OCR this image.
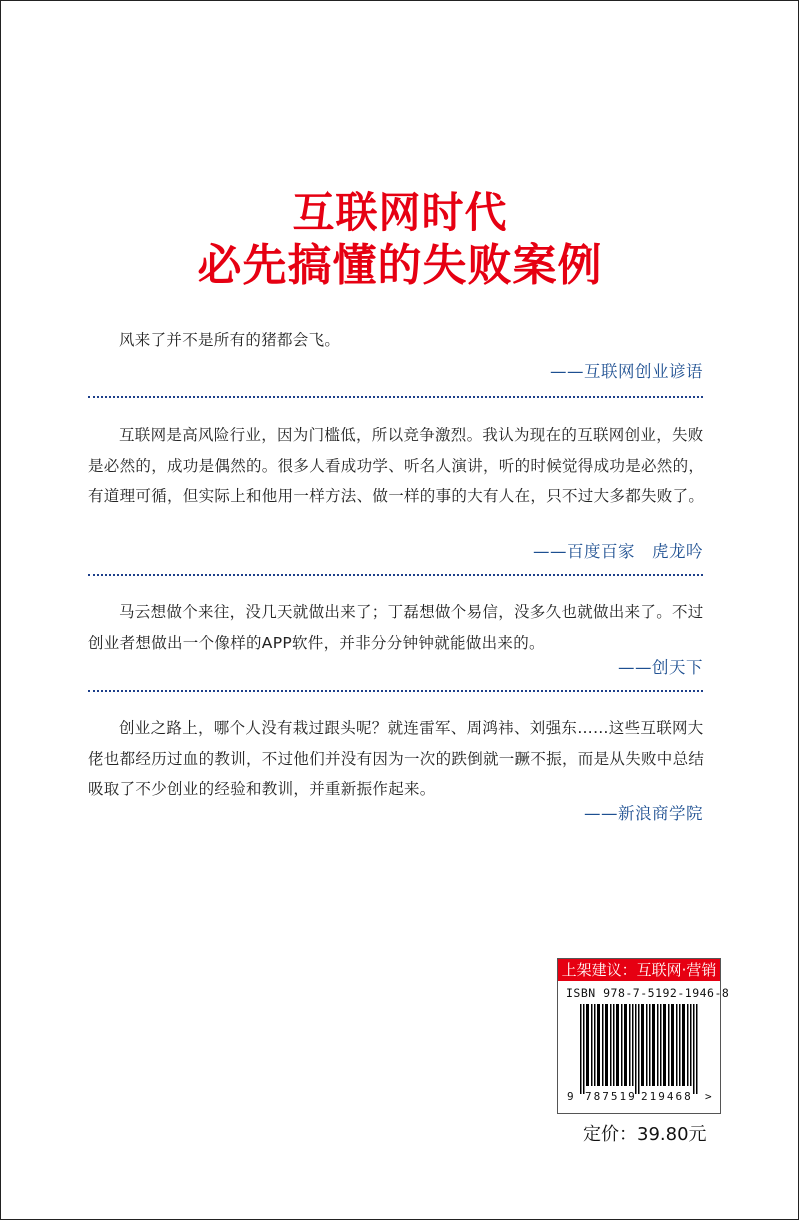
互联网时代
必先搞懂的失败案例
风来了并不是所有的猪都会飞。
——互联网创业谚语
互联网是高风险行业，因为门槛低，所以竞争激烈。我认为现在的互联网创业，失败是必然的，成功是偶然的。很多人看成功学、听名人演讲，听的时候觉得成功是必然的，有道理可循，但实际上和他用一样方法、做一样的事的大有人在，只不过大多都失败了。
——百度百家　虎龙吟
马云想做个来往，没几天就做出来了；丁磊想做个易信，没多久也就做出来了。不过创业者想做出一个像样的APP软件，并非分分钟钟就能做出来的。
——创天下
创业之路上，哪个人没有栽过跟头呢？就连雷军、周鸿祎、刘强东……这些互联网大佬也都经历过血的教训，不过他们并没有因为一次的跌倒就一蹶不振，而是从失败中总结吸取了不少创业的经验和教训，并重新振作起来。
——新浪商学院
上架建议：互联网·营销
ISBN 978-7-5192-1946-8
9 787519 219468 >
定价：39.80元
